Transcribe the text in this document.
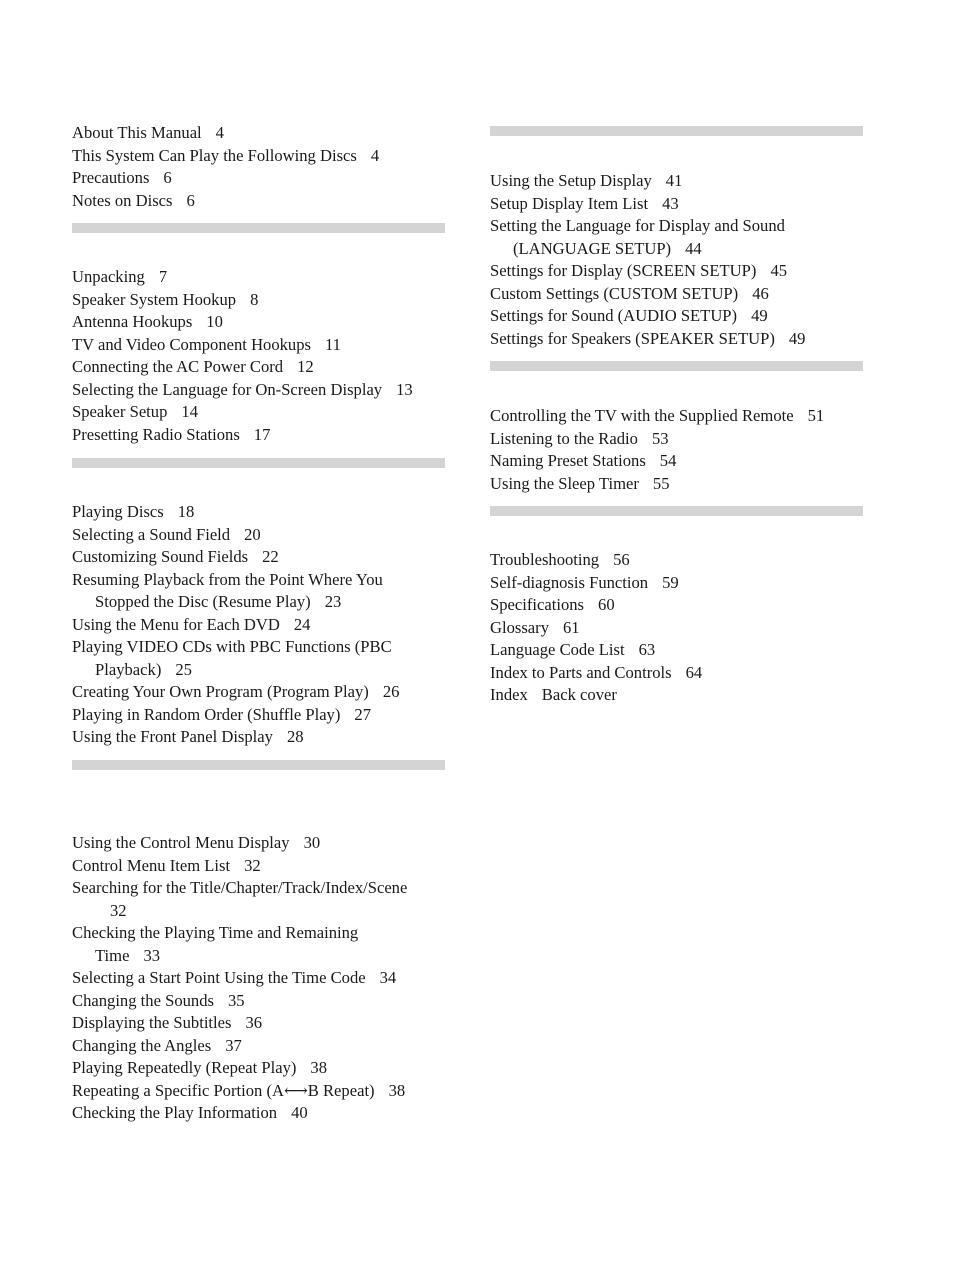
About This Manual 4
This System Can Play the Following Discs 4
Precautions 6
Notes on Discs 6
Unpacking 7
Speaker System Hookup 8
Antenna Hookups 10
TV and Video Component Hookups 11
Connecting the AC Power Cord 12
Selecting the Language for On-Screen Display 13
Speaker Setup 14
Presetting Radio Stations 17
Playing Discs 18
Selecting a Sound Field 20
Customizing Sound Fields 22
Resuming Playback from the Point Where You
Stopped the Disc (Resume Play) 23
Using the Menu for Each DVD 24
Playing VIDEO CDs with PBC Functions (PBC
Playback) 25
Creating Your Own Program (Program Play) 26
Playing in Random Order (Shuffle Play) 27
Using the Front Panel Display 28
Using the Control Menu Display 30
Control Menu Item List 32
Searching for the Title/Chapter/Track/Index/Scene
32
Checking the Playing Time and Remaining
Time 33
Selecting a Start Point Using the Time Code 34
Changing the Sounds 35
Displaying the Subtitles 36
Changing the Angles 37
Playing Repeatedly (Repeat Play) 38
Repeating a Specific Portion (A⟷B Repeat) 38
Checking the Play Information 40
Using the Setup Display 41
Setup Display Item List 43
Setting the Language for Display and Sound
(LANGUAGE SETUP) 44
Settings for Display (SCREEN SETUP) 45
Custom Settings (CUSTOM SETUP) 46
Settings for Sound (AUDIO SETUP) 49
Settings for Speakers (SPEAKER SETUP) 49
Controlling the TV with the Supplied Remote 51
Listening to the Radio 53
Naming Preset Stations 54
Using the Sleep Timer 55
Troubleshooting 56
Self-diagnosis Function 59
Specifications 60
Glossary 61
Language Code List 63
Index to Parts and Controls 64
Index Back cover
